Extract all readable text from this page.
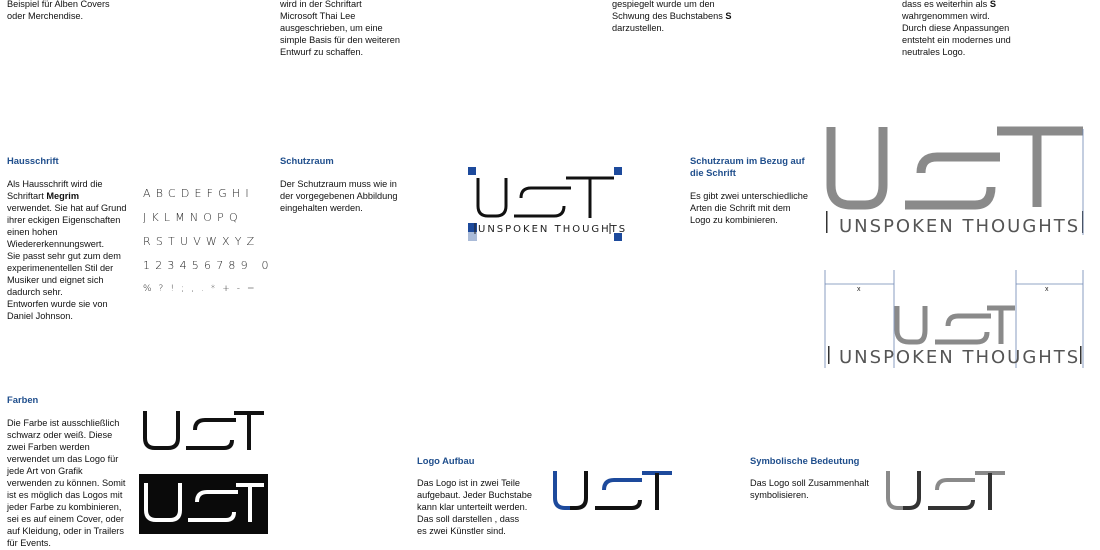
Beispiel für Alben Covers
oder Merchendise.
wird in der Schriftart
Microsoft Thai Lee
ausgeschrieben, um eine
simple Basis für den weiteren
Entwurf zu schaffen.
gespiegelt wurde um den
Schwung des Buchstabens S
darzustellen.
dass es weiterhin als S
wahrgenommen wird.
Durch diese Anpassungen
entsteht ein modernes und
neutrales Logo.
Hausschrift
Als Hausschrift wird die
Schriftart Megrim
verwendet. Sie hat auf Grund
ihrer eckigen Eigenschaften
einen hohen
Wiedererkennungswert.
Sie passt sehr gut zum dem
experimenentellen Stil der
Musiker und eignet sich
dadurch sehr.
Entworfen wurde sie von
Daniel Johnson.
ABCDEFGHI
JKLMNOPQ
RSTUVWXYZ
123456789 0
%?!;,.*+-=
Schutzraum
Der Schutzraum muss wie in
der vorgegebenen Abbildung
eingehalten werden.
UNSPOKEN THOUGHTS
Schutzraum im Bezug auf
die Schrift
Es gibt zwei unterschiedliche
Arten die Schrift mit dem
Logo zu kombinieren.	UNSPOKEN THOUGHTS
x	x
UNSPOKEN THOUGHTS
Farben
Die Farbe ist ausschließlich
schwarz oder weiß. Diese
zwei Farben werden
verwendet um das Logo für
jede Art von Grafik
verwenden zu können. Somit
ist es möglich das Logos mit
jeder Farbe zu kombinieren,
sei es auf einem Cover, oder
auf Kleidung, oder in Trailers
für Events.
Logo Aufbau
Das Logo ist in zwei Teile
aufgebaut. Jeder Buchstabe
kann klar unterteilt werden.
Das soll darstellen , dass
es zwei Künstler sind.
Symbolische Bedeutung
Das Logo soll Zusammenhalt
symbolisieren.
